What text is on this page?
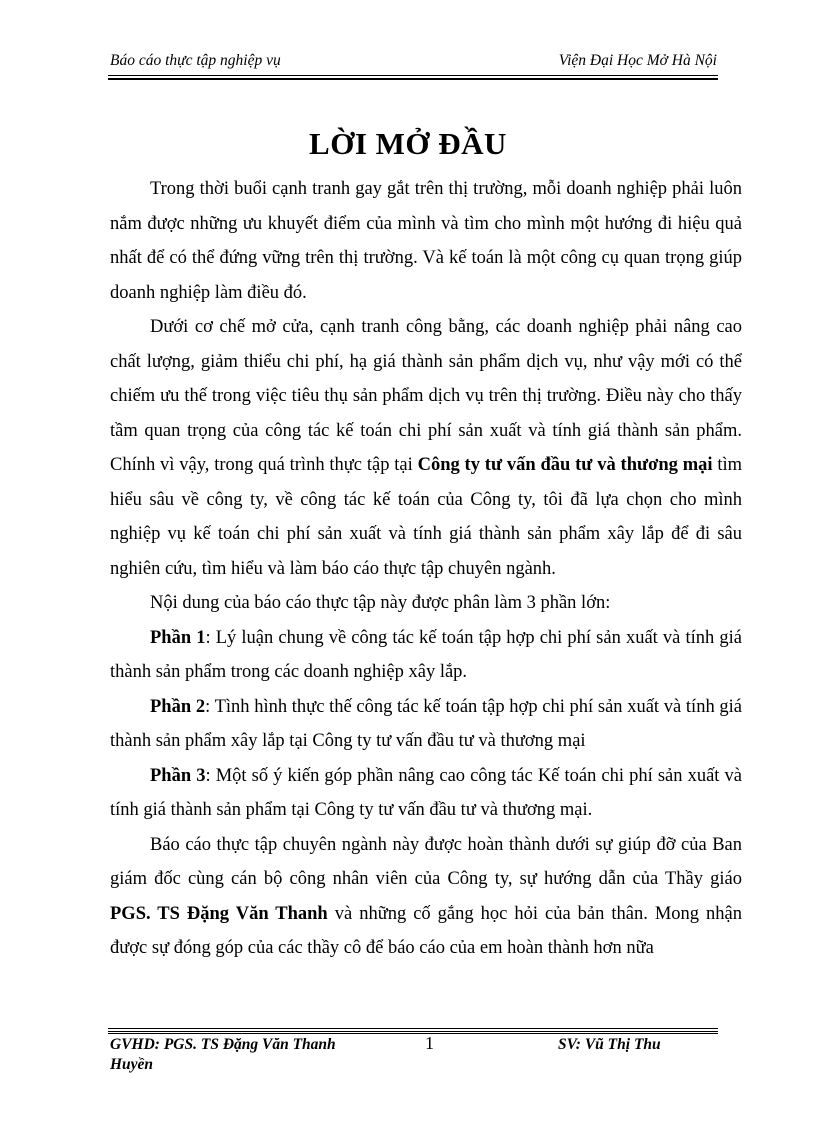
Báo cáo thực tập nghiệp vụ	Viện Đại Học Mở Hà Nội
LỜI MỞ ĐẦU

Trong thời buổi cạnh tranh gay gắt trên thị trường, mỗi doanh nghiệp phải luôn nắm được những ưu khuyết điểm của mình và tìm cho mình một hướng đi hiệu quả nhất để có thể đứng vững trên thị trường. Và kế toán là một công cụ quan trọng giúp doanh nghiệp làm điều đó.

Dưới cơ chế mở cửa, cạnh tranh công bằng, các doanh nghiệp phải nâng cao chất lượng, giảm thiểu chi phí, hạ giá thành sản phẩm dịch vụ, như vậy mới có thể chiếm ưu thế trong việc tiêu thụ sản phẩm dịch vụ trên thị trường. Điều này cho thấy tầm quan trọng của công tác kế toán chi phí sản xuất và tính giá thành sản phẩm. Chính vì vậy, trong quá trình thực tập tại Công ty tư vấn đầu tư và thương mại tìm hiểu sâu về công ty, về công tác kế toán của Công ty, tôi đã lựa chọn cho mình nghiệp vụ kế toán chi phí sản xuất và tính giá thành sản phẩm xây lắp để đi sâu nghiên cứu, tìm hiểu và làm báo cáo thực tập chuyên ngành.

Nội dung của báo cáo thực tập này được phân làm 3 phần lớn:

Phần 1: Lý luận chung về công tác kế toán tập hợp chi phí sản xuất và tính giá thành sản phẩm trong các doanh nghiệp xây lắp.

Phần 2: Tình hình thực thế công tác kế toán tập hợp chi phí sản xuất và tính giá thành sản phẩm xây lắp tại Công ty tư vấn đầu tư và thương mại

Phần 3: Một số ý kiến góp phần nâng cao công tác Kế toán chi phí sản xuất và tính giá thành sản phẩm tại Công ty tư vấn đầu tư và thương mại.

Báo cáo thực tập chuyên ngành này được hoàn thành dưới sự giúp đỡ của Ban giám đốc cùng cán bộ công nhân viên của Công ty, sự hướng dẫn của Thầy giáo PGS. TS Đặng Văn Thanh và những cố gắng học hỏi của bản thân. Mong nhận được sự đóng góp của các thầy cô để báo cáo của em hoàn thành hơn nữa

GVHD: PGS. TS Đặng Văn Thanh Huyền
1	SV: Vũ Thị Thu
